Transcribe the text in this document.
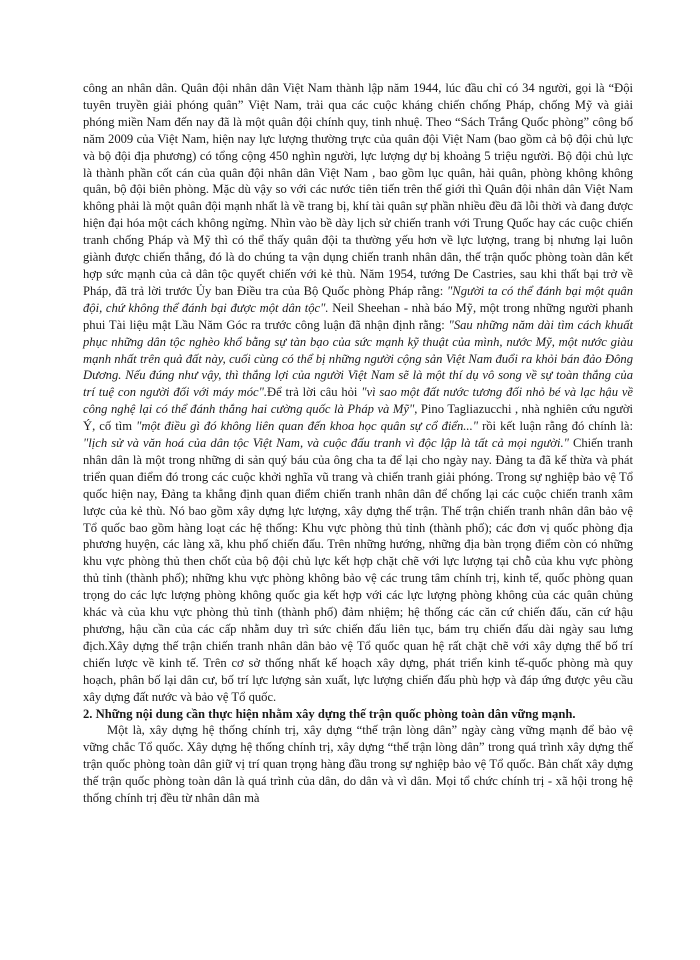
công an nhân dân. Quân đội nhân dân Việt Nam thành lập năm 1944, lúc đầu chỉ có 34 người, gọi là “Đội tuyên truyền giải phóng quân” Việt Nam, trải qua các cuộc kháng chiến chống Pháp, chống Mỹ và giải phóng miền Nam đến nay đã là một quân đội chính quy, tinh nhuệ. Theo “Sách Trắng Quốc phòng” công bố năm 2009 của Việt Nam, hiện nay lực lượng thường trực của quân đội Việt Nam (bao gồm cả bộ đội chủ lực và bộ đội địa phương) có tổng cộng 450 nghìn người, lực lượng dự bị khoảng 5 triệu người. Bộ đội chủ lực là thành phần cốt cán của quân đội nhân dân Việt Nam , bao gồm lục quân, hải quân, phòng không không quân, bộ đội biên phòng. Mặc dù vậy so với các nước tiên tiến trên thế giới thì Quân đội nhân dân Việt Nam không phải là một quân đội mạnh nhất là về trang bị, khí tài quân sự phần nhiều đều đã lỗi thời và đang được hiện đại hóa một cách không ngừng. Nhìn vào bề dày lịch sử chiến tranh với Trung Quốc hay các cuộc chiến tranh chống Pháp và Mỹ thì có thể thấy quân đội ta thường yếu hơn về lực lượng, trang bị nhưng lại luôn giành được chiến thắng, đó là do chúng ta vận dụng chiến tranh nhân dân, thế trận quốc phòng toàn dân kết hợp sức mạnh của cả dân tộc quyết chiến với kẻ thù. Năm 1954, tướng De Castries, sau khi thất bại trở về Pháp, đã trả lời trước Ủy ban Điều tra của Bộ Quốc phòng Pháp rằng: "Người ta có thể đánh bại một quân đội, chứ không thể đánh bại được một dân tộc". Neil Sheehan - nhà báo Mỹ, một trong những người phanh phui Tài liệu mật Lầu Năm Góc ra trước công luận đã nhận định rằng: "Sau những năm dài tìm cách khuất phục những dân tộc nghèo khổ bằng sự tàn bạo của sức mạnh kỹ thuật của mình, nước Mỹ, một nước giàu mạnh nhất trên quả đất này, cuối cùng có thể bị những người cộng sản Việt Nam đuổi ra khỏi bán đảo Đông Dương. Nếu đúng như vậy, thì thắng lợi của người Việt Nam sẽ là một thí dụ vô song về sự toàn thắng của trí tuệ con người đối với máy móc".Để trả lời câu hỏi "vì sao một đất nước tương đối nhỏ bé và lạc hậu về công nghệ lại có thể đánh thắng hai cường quốc là Pháp và Mỹ", Pino Tagliazucchi , nhà nghiên cứu người Ý, cố tìm "một điều gì đó không liên quan đến khoa học quân sự cổ điển..." rồi kết luận rằng đó chính là: "lịch sử và văn hoá của dân tộc Việt Nam, và cuộc đấu tranh vì độc lập là tất cả mọi người." Chiến tranh nhân dân là một trong những di sản quý báu của ông cha ta để lại cho ngày nay. Đảng ta đã kế thừa và phát triển quan điểm đó trong các cuộc khởi nghĩa vũ trang và chiến tranh giải phóng. Trong sự nghiệp bảo vệ Tổ quốc hiện nay, Đảng ta khẳng định quan điểm chiến tranh nhân dân để chống lại các cuộc chiến tranh xâm lược của kẻ thù. Nó bao gồm xây dựng lực lượng, xây dựng thế trận. Thế trận chiến tranh nhân dân bảo vệ Tổ quốc bao gồm hàng loạt các hệ thống: Khu vực phòng thủ tỉnh (thành phố); các đơn vị quốc phòng địa phương huyện, các làng xã, khu phố chiến đấu. Trên những hướng, những địa bàn trọng điểm còn có những khu vực phòng thủ then chốt của bộ đội chủ lực kết hợp chặt chẽ với lực lượng tại chỗ của khu vực phòng thủ tỉnh (thành phố); những khu vực phòng không bảo vệ các trung tâm chính trị, kinh tế, quốc phòng quan trọng do các lực lượng phòng không quốc gia kết hợp với các lực lượng phòng không của các quân chủng khác và của khu vực phòng thủ tỉnh (thành phố) đảm nhiệm; hệ thống các căn cứ chiến đấu, căn cứ hậu phương, hậu cần của các cấp nhằm duy trì sức chiến đấu liên tục, bám trụ chiến đấu dài ngày sau lưng địch.Xây dựng thế trận chiến tranh nhân dân bảo vệ Tổ quốc quan hệ rất chặt chẽ với xây dựng thế bố trí chiến lược về kinh tế. Trên cơ sở thống nhất kế hoạch xây dựng, phát triển kinh tế-quốc phòng mà quy hoạch, phân bố lại dân cư, bố trí lực lượng sản xuất, lực lượng chiến đấu phù hợp và đáp ứng được yêu cầu xây dựng đất nước và bảo vệ Tổ quốc.

2. Những nội dung cần thực hiện nhằm xây dựng thế trận quốc phòng toàn dân vững mạnh.

Một là, xây dựng hệ thống chính trị, xây dựng “thế trận lòng dân” ngày càng vững mạnh để bảo vệ vững chắc Tổ quốc. Xây dựng hệ thống chính trị, xây dựng “thế trận lòng dân” trong quá trình xây dựng thế trận quốc phòng toàn dân giữ vị trí quan trọng hàng đầu trong sự nghiệp bảo vệ Tổ quốc. Bản chất xây dựng thế trận quốc phòng toàn dân là quá trình của dân, do dân và vì dân. Mọi tổ chức chính trị - xã hội trong hệ thống chính trị đều từ nhân dân mà
